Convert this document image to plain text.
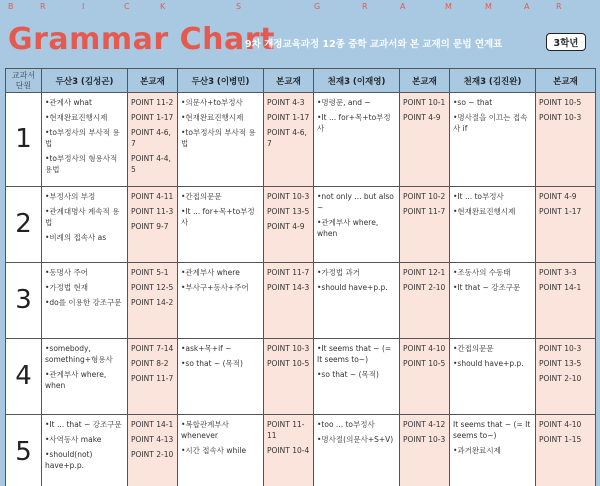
B	R	I	C	K	S	G	R	A	M	M	A	R
Grammar Chart
9차 개정교육과정 12종 중학 교과서와 본 교재의 문법 연계표	3학년
교과서
단원	두산3 (김성곤)	본교재	두산3 (이병민)	본교재	천재3 (이재영)	본교재	천재3 (김진완)	본교재
1	•관계사 what
•현재완료진행시제
•to부정사의 부사적 용법
•to부정사의 형용사적 용법	POINT 11-2
POINT 1-17
POINT 4-6, 7
POINT 4-4, 5	•의문사+to부정사
•현재완료진행시제
•to부정사의 부사적 용법	POINT 4-3
POINT 1-17
POINT 4-6, 7	•명령문, and ~
•It ... for+목+to부정사	POINT 10-1
POINT 4-9	•so ~ that
•명사절을 이끄는 접속사 if	POINT 10-5
POINT 10-3

2	•부정사의 부정
•관계대명사 계속적 용법
•비례의 접속사 as	POINT 4-11
POINT 11-3
POINT 9-7	•간접의문문
•It ... for+목+to부정사	POINT 10-3
POINT 13-5
POINT 4-9	•not only ... but also ~
•관계부사 where, when	POINT 10-2
POINT 11-7	•It ... to부정사
•현재완료진행시제	POINT 4-9
POINT 1-17

3	•동명사 주어
•가정법 현재
•do를 이용한 강조구문	POINT 5-1
POINT 12-5
POINT 14-2	•관계부사 where
•부사구+동사+주어	POINT 11-7
POINT 14-3	•가정법 과거
•should have+p.p.	POINT 12-1
POINT 2-10	•조동사의 수동태
•It that ~ 강조구문	POINT 3-3
POINT 14-1

4	•somebody, something+형용사
•관계부사 where, when	POINT 7-14
POINT 8-2
POINT 11-7	•ask+목+if ~
•so that ~ (목적)	POINT 10-3
POINT 10-5	•It seems that ~ (= It seems to~)
•so that ~ (목적)	POINT 4-10
POINT 10-5	•간접의문문
•should have+p.p.	POINT 10-3
POINT 13-5
POINT 2-10

5	•It ... that ~ 강조구문
•사역동사 make
•should(not) have+p.p.	POINT 14-1
POINT 4-13
POINT 2-10	•복합관계부사 whenever
•시간 접속사 while	POINT 11-11
POINT 10-4	•too ... to부정사
•명사절(의문사+S+V)	POINT 4-12
POINT 10-3	It seems that ~ (= It seems to~)
•과거완료시제	POINT 4-10
POINT 1-15
